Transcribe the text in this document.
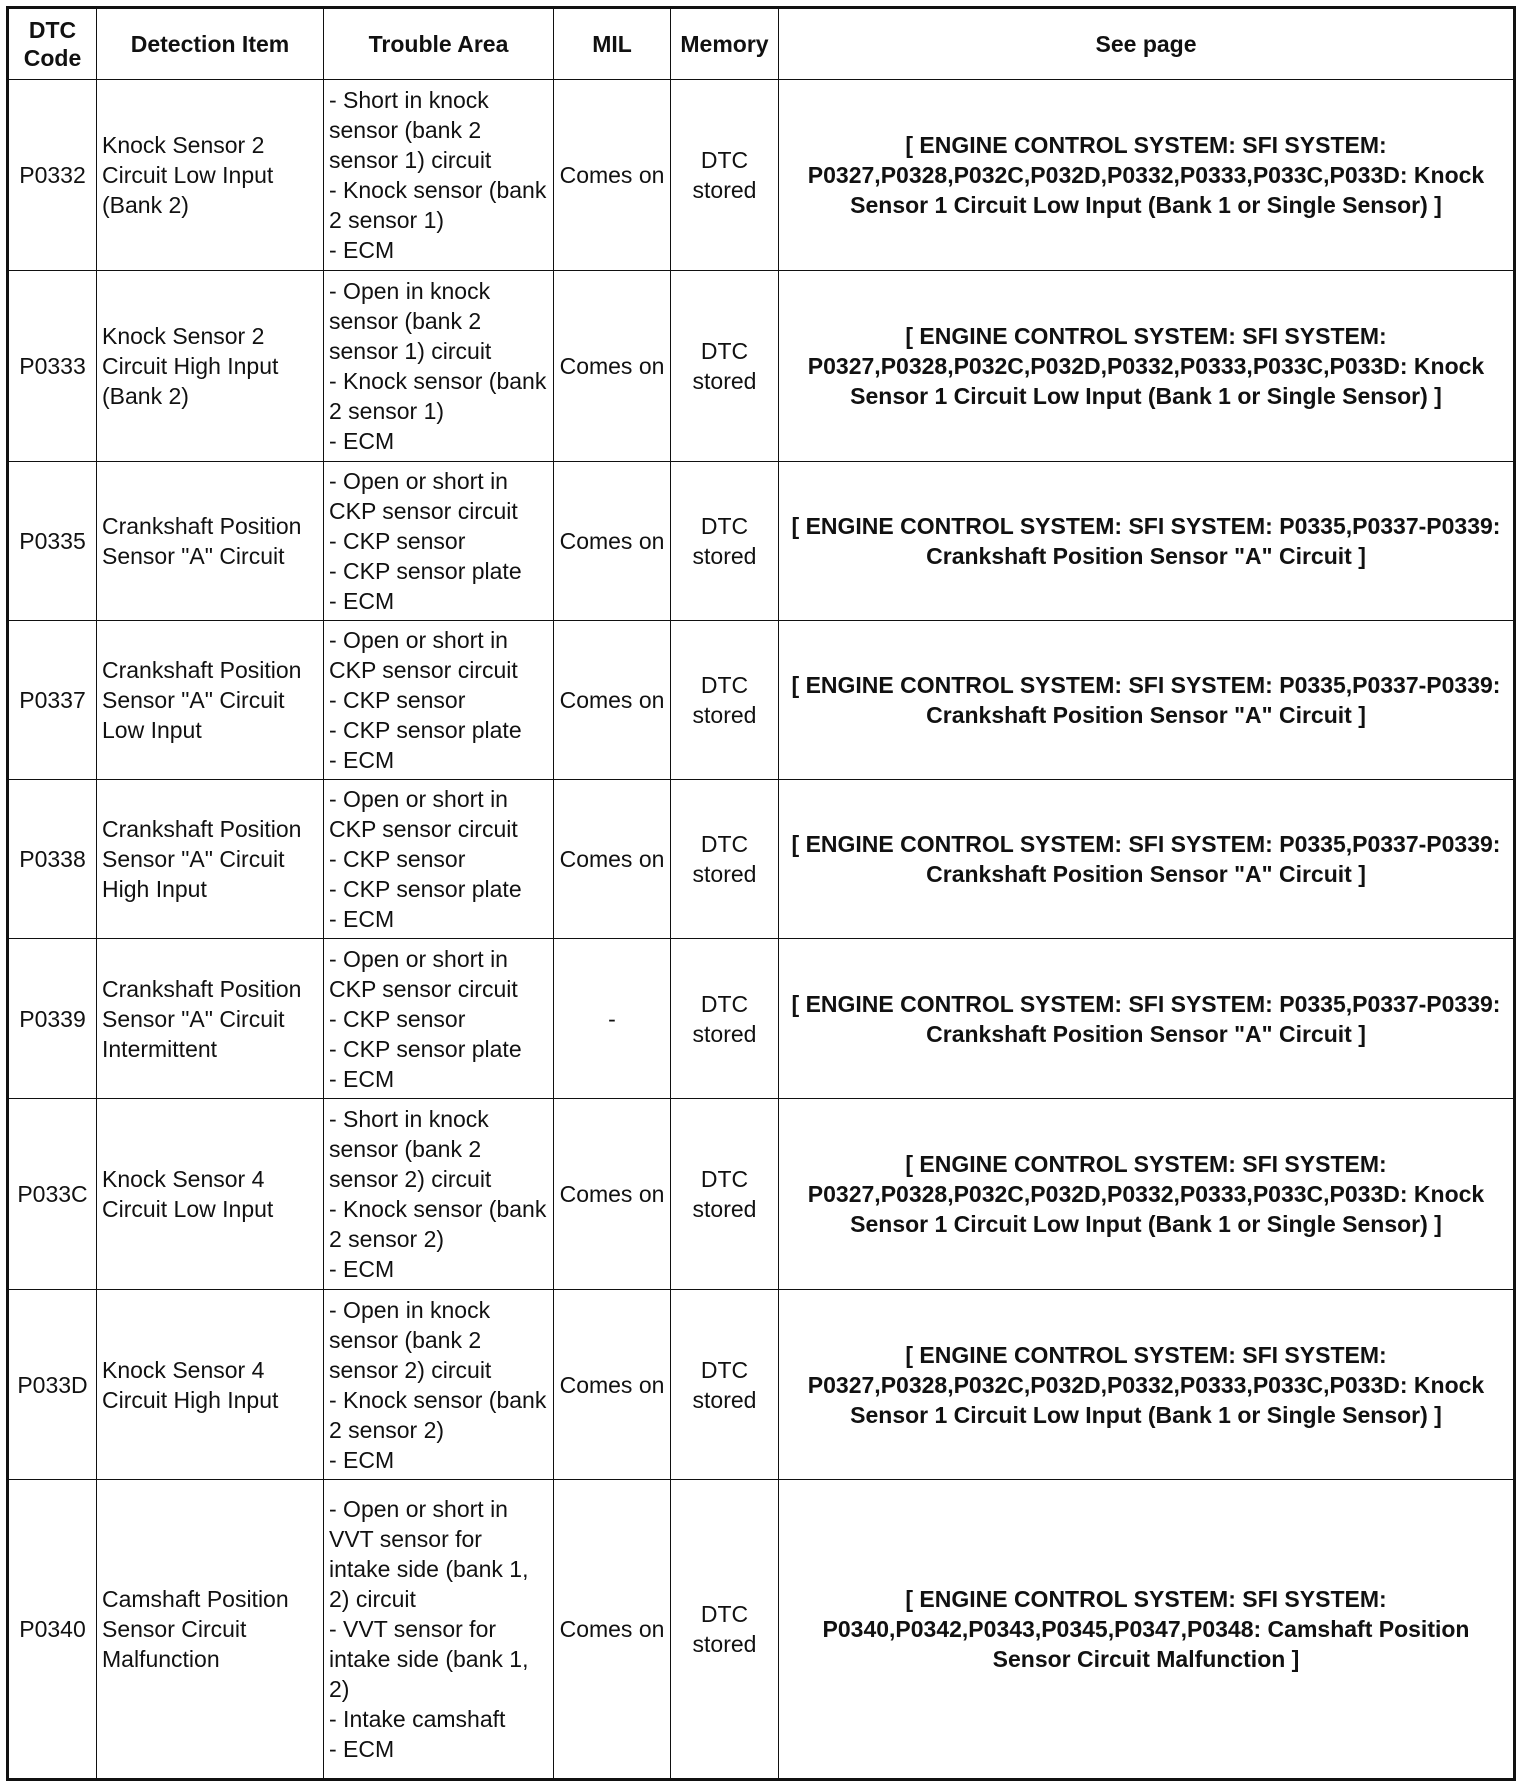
DTC Code	Detection Item	Trouble Area	MIL	Memory	See page
P0332	Knock Sensor 2 Circuit Low Input (Bank 2)	- Short in knock sensor (bank 2 sensor 1) circuit
- Knock sensor (bank 2 sensor 1)
- ECM	Comes on	DTC stored	[ ENGINE CONTROL SYSTEM: SFI SYSTEM: P0327,P0328,P032C,P032D,P0332,P0333,P033C,P033D: Knock Sensor 1 Circuit Low Input (Bank 1 or Single Sensor) ]
P0333	Knock Sensor 2 Circuit High Input (Bank 2)	- Open in knock sensor (bank 2 sensor 1) circuit
- Knock sensor (bank 2 sensor 1)
- ECM	Comes on	DTC stored	[ ENGINE CONTROL SYSTEM: SFI SYSTEM: P0327,P0328,P032C,P032D,P0332,P0333,P033C,P033D: Knock Sensor 1 Circuit Low Input (Bank 1 or Single Sensor) ]
P0335	Crankshaft Position Sensor "A" Circuit	- Open or short in CKP sensor circuit
- CKP sensor
- CKP sensor plate
- ECM	Comes on	DTC stored	[ ENGINE CONTROL SYSTEM: SFI SYSTEM: P0335,P0337-P0339: Crankshaft Position Sensor "A" Circuit ]
P0337	Crankshaft Position Sensor "A" Circuit Low Input	- Open or short in CKP sensor circuit
- CKP sensor
- CKP sensor plate
- ECM	Comes on	DTC stored	[ ENGINE CONTROL SYSTEM: SFI SYSTEM: P0335,P0337-P0339: Crankshaft Position Sensor "A" Circuit ]
P0338	Crankshaft Position Sensor "A" Circuit High Input	- Open or short in CKP sensor circuit
- CKP sensor
- CKP sensor plate
- ECM	Comes on	DTC stored	[ ENGINE CONTROL SYSTEM: SFI SYSTEM: P0335,P0337-P0339: Crankshaft Position Sensor "A" Circuit ]
P0339	Crankshaft Position Sensor "A" Circuit Intermittent	- Open or short in CKP sensor circuit
- CKP sensor
- CKP sensor plate
- ECM	-	DTC stored	[ ENGINE CONTROL SYSTEM: SFI SYSTEM: P0335,P0337-P0339: Crankshaft Position Sensor "A" Circuit ]
P033C	Knock Sensor 4 Circuit Low Input	- Short in knock sensor (bank 2 sensor 2) circuit
- Knock sensor (bank 2 sensor 2)
- ECM	Comes on	DTC stored	[ ENGINE CONTROL SYSTEM: SFI SYSTEM: P0327,P0328,P032C,P032D,P0332,P0333,P033C,P033D: Knock Sensor 1 Circuit Low Input (Bank 1 or Single Sensor) ]
P033D	Knock Sensor 4 Circuit High Input	- Open in knock sensor (bank 2 sensor 2) circuit
- Knock sensor (bank 2 sensor 2)
- ECM	Comes on	DTC stored	[ ENGINE CONTROL SYSTEM: SFI SYSTEM: P0327,P0328,P032C,P032D,P0332,P0333,P033C,P033D: Knock Sensor 1 Circuit Low Input (Bank 1 or Single Sensor) ]
P0340	Camshaft Position Sensor Circuit Malfunction	- Open or short in VVT sensor for intake side (bank 1, 2) circuit
- VVT sensor for intake side (bank 1, 2)
- Intake camshaft
- ECM	Comes on	DTC stored	[ ENGINE CONTROL SYSTEM: SFI SYSTEM: P0340,P0342,P0343,P0345,P0347,P0348: Camshaft Position Sensor Circuit Malfunction ]
